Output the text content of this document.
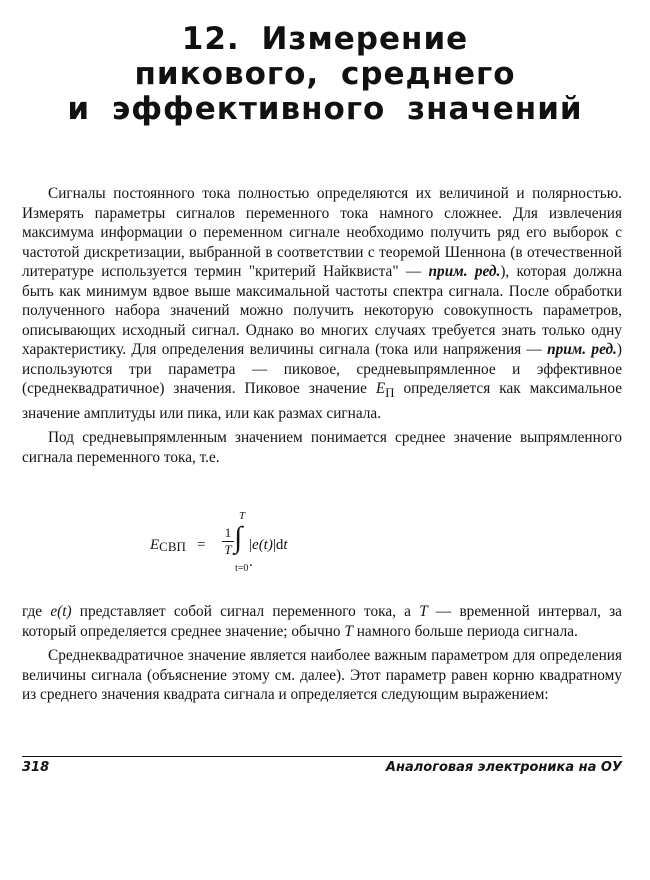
12. Измерение
пикового, среднего
и эффективного значений

Сигналы постоянного тока полностью определяются их величиной и полярностью. Измерять параметры сигналов переменного тока намного сложнее. Для извлечения максимума информации о переменном сигнале необходимо получить ряд его выборок с частотой дискретизации, выбранной в соответствии с теоремой Шеннона (в отечественной литературе используется термин "критерий Найквиста" — прим. ред.), которая должна быть как минимум вдвое выше максимальной частоты спектра сигнала. После обработки полученного набора значений можно получить некоторую совокупность параметров, описывающих исходный сигнал. Однако во многих случаях требуется знать только одну характеристику. Для определения величины сигнала (тока или напряжения — прим. ред.) используются три параметра — пиковое, средневыпрямленное и эффективное (среднеквадратичное) значения. Пиковое значение $E_П$ определяется как максимальное значение амплитуды или пика, или как размах сигнала.

Под средневыпрямленным значением понимается среднее значение выпрямленного сигнала переменного тока, т.е.

$E_{СВП}$ =
1
T ∫
T
t=0
|e(t)|dt .

где e(t) представляет собой сигнал переменного тока, а T — временной интервал, за который определяется среднее значение; обычно T намного больше периода сигнала.

Среднеквадратичное значение является наиболее важным параметром для определения величины сигнала (объяснение этому см. далее). Этот параметр равен корню квадратному из среднего значения квадрата сигнала и определяется следующим выражением:

318	Аналоговая электроника на ОУ
